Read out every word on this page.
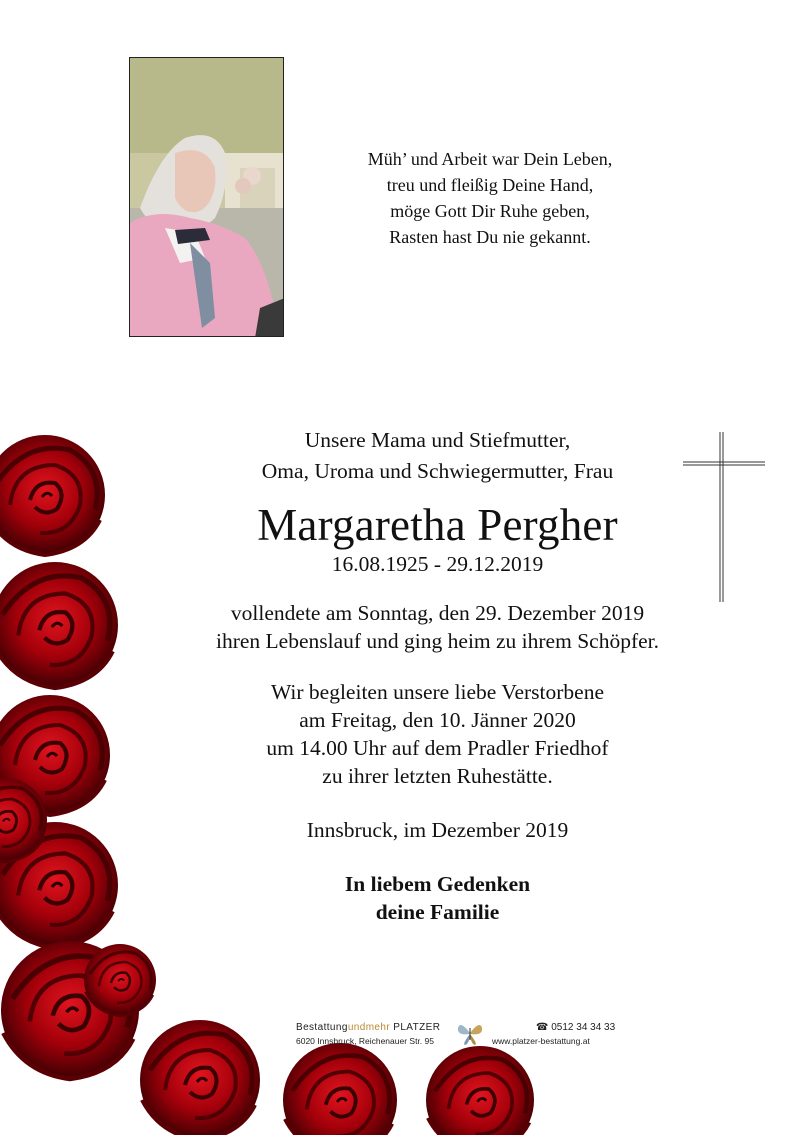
Müh’ und Arbeit war Dein Leben,
treu und fleißig Deine Hand,
möge Gott Dir Ruhe geben,
Rasten hast Du nie gekannt.
Unsere Mama und Stiefmutter,
Oma, Uroma und Schwiegermutter, Frau
Margaretha Pergher
16.08.1925 - 29.12.2019
vollendete am Sonntag, den 29. Dezember 2019
ihren Lebenslauf und ging heim zu ihrem Schöpfer.
Wir begleiten unsere liebe Verstorbene
am Freitag, den 10. Jänner 2020
um 14.00 Uhr auf dem Pradler Friedhof
zu ihrer letzten Ruhestätte.
Innsbruck, im Dezember 2019
In liebem Gedenken
deine Familie
Bestattungundmehr PLATZER
6020 Innsbruck, Reichenauer Str. 95
☎ 0512 34 34 33
www.platzer-bestattung.at
